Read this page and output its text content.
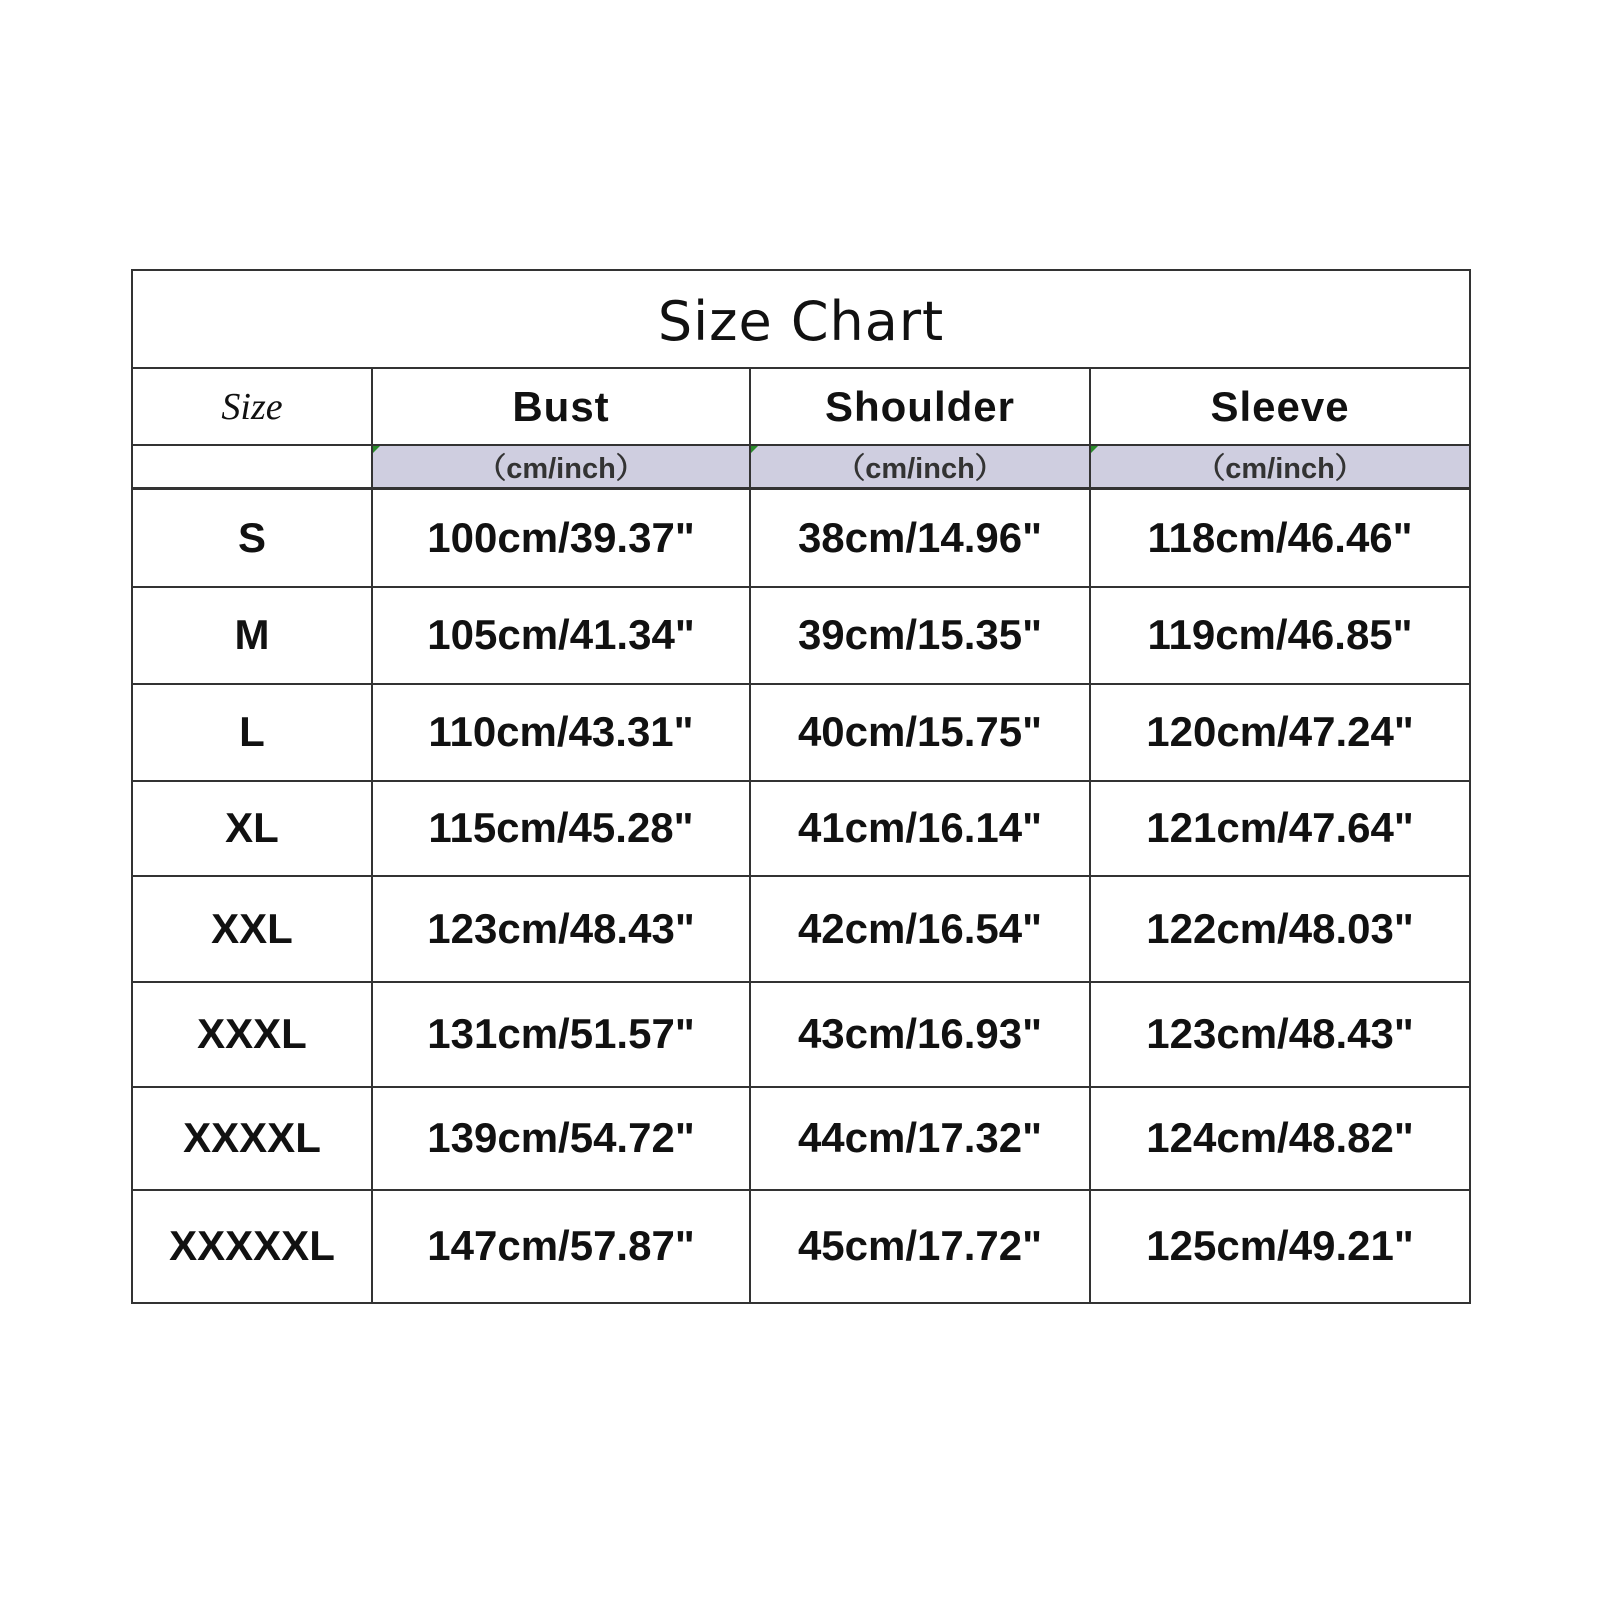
Size Chart			
Size	Bust	Shoulder	Sleeve
	（cm/inch）	（cm/inch）	（cm/inch）
S	100cm/39.37"	38cm/14.96"	118cm/46.46"
M	105cm/41.34"	39cm/15.35"	119cm/46.85"
L	110cm/43.31"	40cm/15.75"	120cm/47.24"
XL	115cm/45.28"	41cm/16.14"	121cm/47.64"
XXL	123cm/48.43"	42cm/16.54"	122cm/48.03"
XXXL	131cm/51.57"	43cm/16.93"	123cm/48.43"
XXXXL	139cm/54.72"	44cm/17.32"	124cm/48.82"
XXXXXL	147cm/57.87"	45cm/17.72"	125cm/49.21"
